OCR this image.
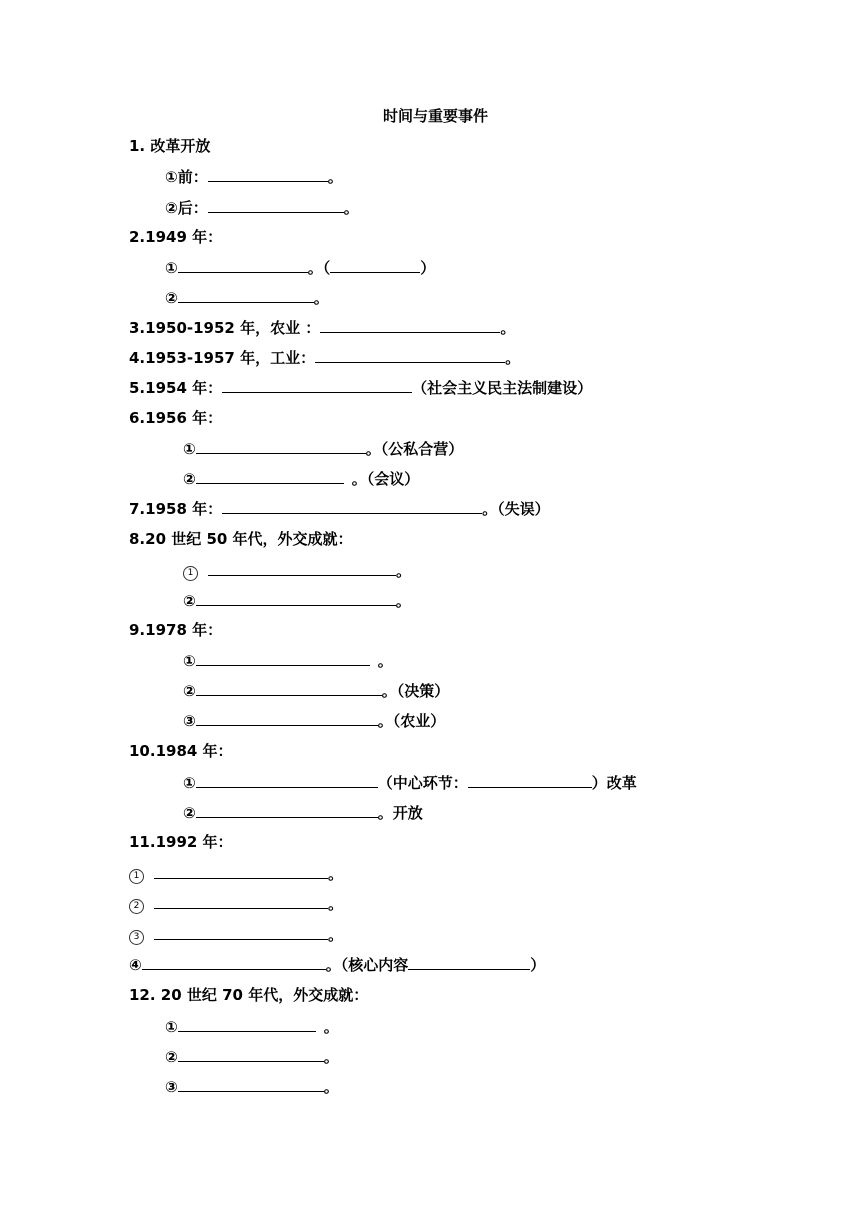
时间与重要事件
1. 改革开放
①前：	。
②后：	。
2.1949 年：
①	。（	）
②	。
3.1950-1952 年，农业 ：	。
4.1953-1957 年，工业：	。
5.1954 年：	（社会主义民主法制建设）
6.1956 年：
①	。（公私合营）
②	。（会议）
7.1958 年：	。（失误）
8.20 世纪 50 年代，外交成就：
1	。
②	。
9.1978 年：
①	。
②	。（决策）
③	。（农业）
10.1984 年：
①	（中心环节：	）改革
②	。开放
11.1992 年：
1	。
2	。
3	。
④	。（核心内容	）
12. 20 世纪 70 年代，外交成就：
①	。
②	。
③	。
